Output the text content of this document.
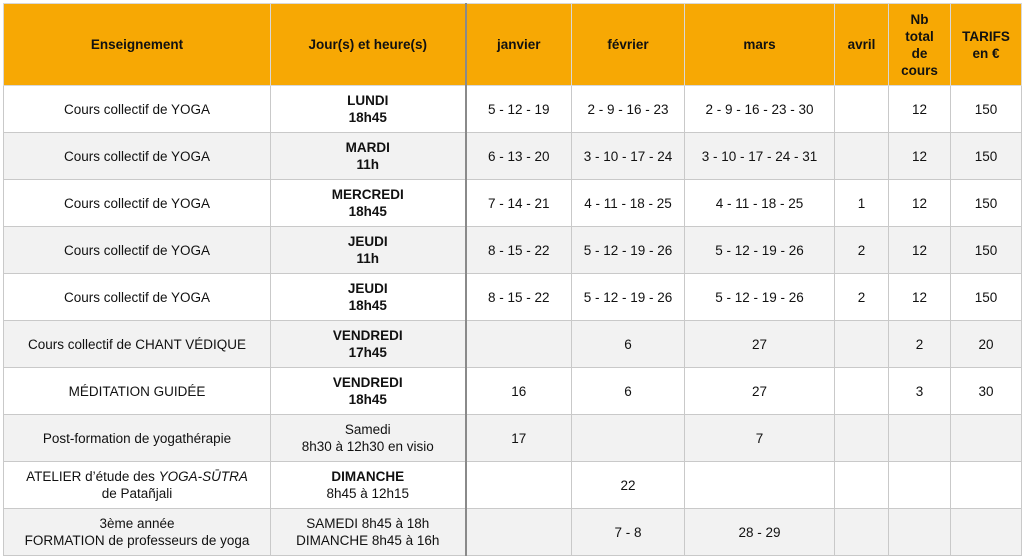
Enseignement	Jour(s) et heure(s)	janvier	février	mars	avril	Nb
total
de
cours	TARIFS
en €

Cours collectif de YOGA	LUNDI
18h45	5 - 12 - 19	2 - 9 - 16 - 23	2 - 9 - 16 - 23 - 30		12	150
Cours collectif de YOGA	MARDI
11h	6 - 13 - 20	3 - 10 - 17 - 24	3 - 10 - 17 - 24 - 31		12	150
Cours collectif de YOGA	MERCREDI
18h45	7 - 14 - 21	4 - 11 - 18 - 25	4 - 11 - 18 - 25	1	12	150
Cours collectif de YOGA	JEUDI
11h	8 - 15 - 22	5 - 12 - 19 - 26	5 - 12 - 19 - 26	2	12	150
Cours collectif de YOGA	JEUDI
18h45	8 - 15 - 22	5 - 12 - 19 - 26	5 - 12 - 19 - 26	2	12	150
Cours collectif de CHANT VÉDIQUE	VENDREDI
17h45		6	27		2	20
MÉDITATION GUIDÉE	VENDREDI
18h45	16	6	27		3	30
Post-formation de yogathérapie	Samedi
8h30 à 12h30 en visio	17		7			
ATELIER d’étude des YOGA-SŪTRA
de Patañjali	DIMANCHE
8h45 à 12h15		22				

3ème année
FORMATION de professeurs de yoga	SAMEDI 8h45 à 18h
DIMANCHE 8h45 à 16h		7 - 8	28 - 29			
